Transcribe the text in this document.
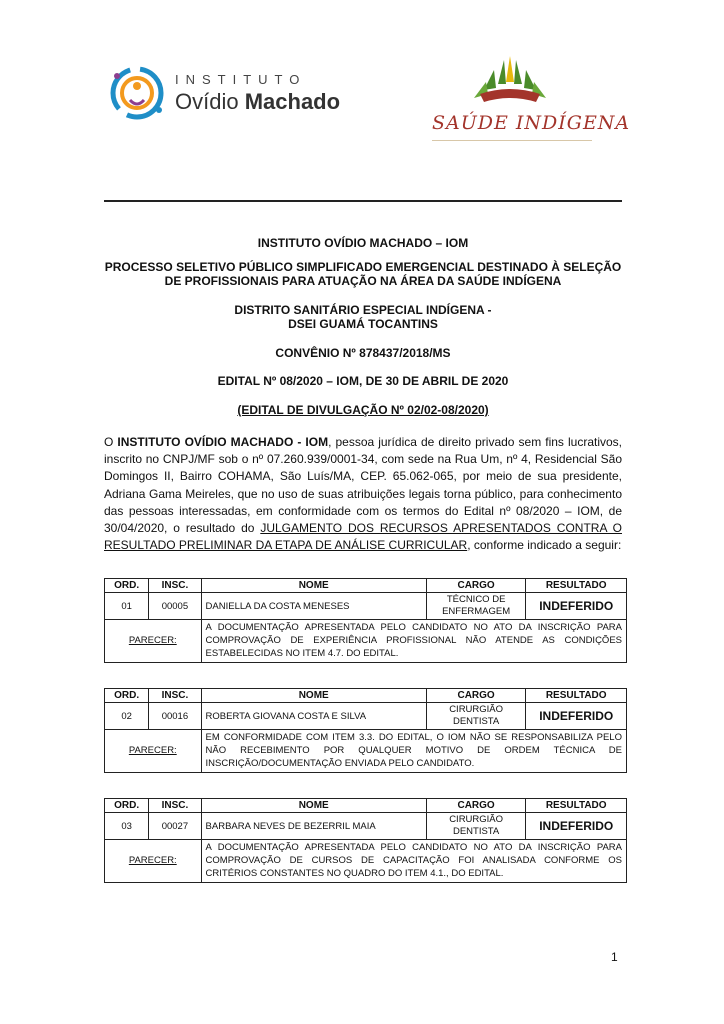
INSTITUTO
Ovídio Machado
SAÚDE INDÍGENA
INSTITUTO OVÍDIO MACHADO – IOM
PROCESSO SELETIVO PÚBLICO SIMPLIFICADO EMERGENCIAL DESTINADO À SELEÇÃO DE PROFISSIONAIS PARA ATUAÇÃO NA ÁREA DA SAÚDE INDÍGENA
DISTRITO SANITÁRIO ESPECIAL INDÍGENA -
DSEI GUAMÁ TOCANTINS
CONVÊNIO Nº 878437/2018/MS
EDITAL Nº 08/2020 – IOM, DE 30 DE ABRIL DE 2020
(EDITAL DE DIVULGAÇÃO Nº 02/02-08/2020)
O INSTITUTO OVÍDIO MACHADO - IOM, pessoa jurídica de direito privado sem fins lucrativos, inscrito no CNPJ/MF sob o nº 07.260.939/0001-34, com sede na Rua Um, nº 4, Residencial São Domingos II, Bairro COHAMA, São Luís/MA, CEP. 65.062-065, por meio de sua presidente, Adriana Gama Meireles, que no uso de suas atribuições legais torna público, para conhecimento das pessoas interessadas, em conformidade com os termos do Edital nº 08/2020 – IOM, de 30/04/2020, o resultado do JULGAMENTO DOS RECURSOS APRESENTADOS CONTRA O RESULTADO PRELIMINAR DA ETAPA DE ANÁLISE CURRICULAR, conforme indicado a seguir:
ORD.	INSC.	NOME	CARGO	RESULTADO
01	00005	DANIELLA DA COSTA MENESES	TÉCNICO DE ENFERMAGEM	INDEFERIDO
PARECER:		A DOCUMENTAÇÃO APRESENTADA PELO CANDIDATO NO ATO DA INSCRIÇÃO PARA COMPROVAÇÃO DE EXPERIÊNCIA PROFISSIONAL NÃO ATENDE AS CONDIÇÕES ESTABELECIDAS NO ITEM 4.7. DO EDITAL.		
ORD.	INSC.	NOME	CARGO	RESULTADO
02	00016	ROBERTA GIOVANA COSTA E SILVA	CIRURGIÃO DENTISTA	INDEFERIDO
PARECER:		EM CONFORMIDADE COM ITEM 3.3. DO EDITAL, O IOM NÃO SE RESPONSABILIZA PELO NÃO RECEBIMENTO POR QUALQUER MOTIVO DE ORDEM TÉCNICA DE INSCRIÇÃO/DOCUMENTAÇÃO ENVIADA PELO CANDIDATO.		
ORD.	INSC.	NOME	CARGO	RESULTADO
03	00027	BARBARA NEVES DE BEZERRIL MAIA	CIRURGIÃO DENTISTA	INDEFERIDO
PARECER:		A DOCUMENTAÇÃO APRESENTADA PELO CANDIDATO NO ATO DA INSCRIÇÃO PARA COMPROVAÇÃO DE CURSOS DE CAPACITAÇÃO FOI ANALISADA CONFORME OS CRITÉRIOS CONSTANTES NO QUADRO DO ITEM 4.1., DO EDITAL.		
1
